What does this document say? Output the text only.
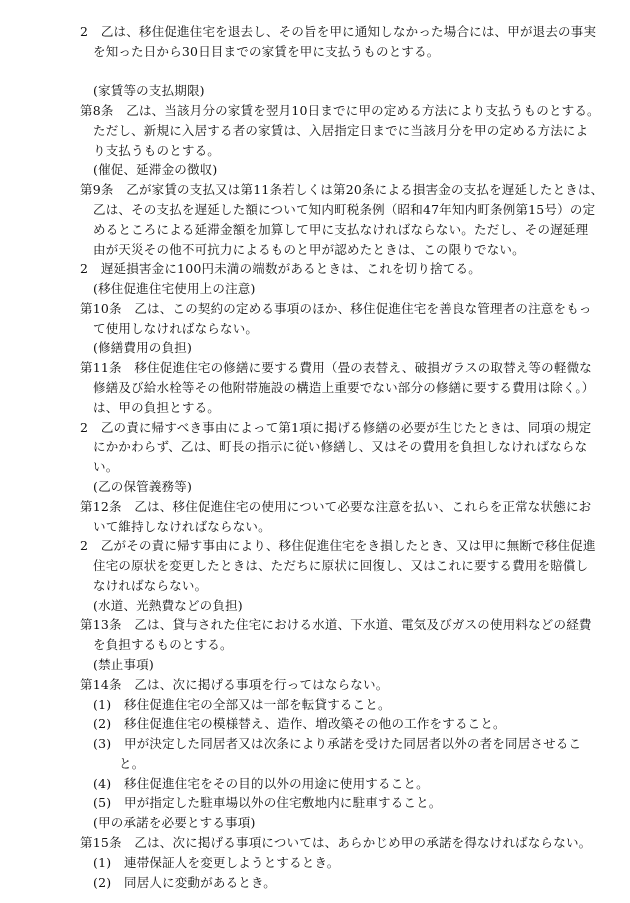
2　乙は、移住促進住宅を退去し、その旨を甲に通知しなかった場合には、甲が退去の事実
を知った日から30日目までの家賃を甲に支払うものとする。
(家賃等の支払期限)
第8条　乙は、当該月分の家賃を翌月10日までに甲の定める方法により支払うものとする。
ただし、新規に入居する者の家賃は、入居指定日までに当該月分を甲の定める方法によ
り支払うものとする。
(催促、延滞金の徴収)
第9条　乙が家賃の支払又は第11条若しくは第20条による損害金の支払を遅延したときは、
乙は、その支払を遅延した額について知内町税条例（昭和47年知内町条例第15号）の定
めるところによる延滞金額を加算して甲に支払なければならない。ただし、その遅延理
由が天災その他不可抗力によるものと甲が認めたときは、この限りでない。
2　遅延損害金に100円未満の端数があるときは、これを切り捨てる。
(移住促進住宅使用上の注意)
第10条　乙は、この契約の定める事項のほか、移住促進住宅を善良な管理者の注意をもっ
て使用しなければならない。
(修繕費用の負担)
第11条　移住促進住宅の修繕に要する費用（畳の表替え、破損ガラスの取替え等の軽微な
修繕及び給水栓等その他附帯施設の構造上重要でない部分の修繕に要する費用は除く。）
は、甲の負担とする。
2　乙の責に帰すべき事由によって第1項に掲げる修繕の必要が生じたときは、同項の規定
にかかわらず、乙は、町長の指示に従い修繕し、又はその費用を負担しなければならな
い。
(乙の保管義務等)
第12条　乙は、移住促進住宅の使用について必要な注意を払い、これらを正常な状態にお
いて維持しなければならない。
2　乙がその責に帰す事由により、移住促進住宅をき損したとき、又は甲に無断で移住促進
住宅の原状を変更したときは、ただちに原状に回復し、又はこれに要する費用を賠償し
なければならない。
(水道、光熱費などの負担)
第13条　乙は、貸与された住宅における水道、下水道、電気及びガスの使用料などの経費
を負担するものとする。
(禁止事項)
第14条　乙は、次に掲げる事項を行ってはならない。
(1)　移住促進住宅の全部又は一部を転貸すること。
(2)　移住促進住宅の模様替え、造作、増改築その他の工作をすること。
(3)　甲が決定した同居者又は次条により承諾を受けた同居者以外の者を同居させるこ
と。
(4)　移住促進住宅をその目的以外の用途に使用すること。
(5)　甲が指定した駐車場以外の住宅敷地内に駐車すること。
(甲の承諾を必要とする事項)
第15条　乙は、次に掲げる事項については、あらかじめ甲の承諾を得なければならない。
(1)　連帯保証人を変更しようとするとき。
(2)　同居人に変動があるとき。
